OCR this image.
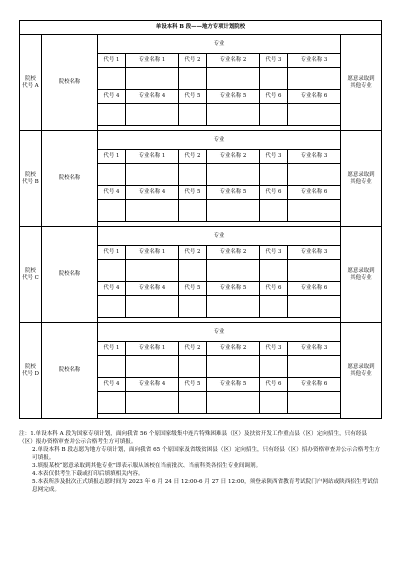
单设本科 B 段——地方专项计划院校								

院校
代号 A	院校名称	专业						愿意录取到
其他专业

		代号 1	专业名称 1	代号 2	专业名称 2	代号 3	专业名称 3	

		代号 4	专业名称 4	代号 5	专业名称 5	代号 6	专业名称 6	

院校
代号 B	院校名称	专业						愿意录取到
其他专业

		代号 1	专业名称 1	代号 2	专业名称 2	代号 3	专业名称 3	

		代号 4	专业名称 4	代号 5	专业名称 5	代号 6	专业名称 6	

院校
代号 C	院校名称	专业						愿意录取到
其他专业

		代号 1	专业名称 1	代号 2	专业名称 2	代号 3	专业名称 3	

		代号 4	专业名称 4	代号 5	专业名称 5	代号 6	专业名称 6	

院校
代号 D	院校名称	专业						愿意录取到
其他专业

		代号 1	专业名称 1	代号 2	专业名称 2	代号 3	专业名称 3	

		代号 4	专业名称 4	代号 5	专业名称 5	代号 6	专业名称 6	

注：1.单设本科 A 段为国家专项计划，面向我省 56 个原国家级集中连片特殊困难县（区）及扶贫开发工作重点县（区）定向招生，只有经县（区）报办资格审查并公示合格考生方可填报。

2.单设本科 B 段志愿为地方专项计划，面向我省 65 个原国家及省级贫困县（区）定向招生，只有经县（区）招办资格审查并公示合格考生方可填报。

3.填报某校“愿意录取到其他专业”即表示服从该校在当前批次、当前科类各招生专业间调剂。

4.本表仅供考生下载或打印后填填相关内容。

5.本表所涉及批次正式填报志愿时间为 2023 年 6 月 24 日 12:00-6 月 27 日 12:00，须登录陕西省教育考试院门户网站或陕西招生考试信息网完成。
